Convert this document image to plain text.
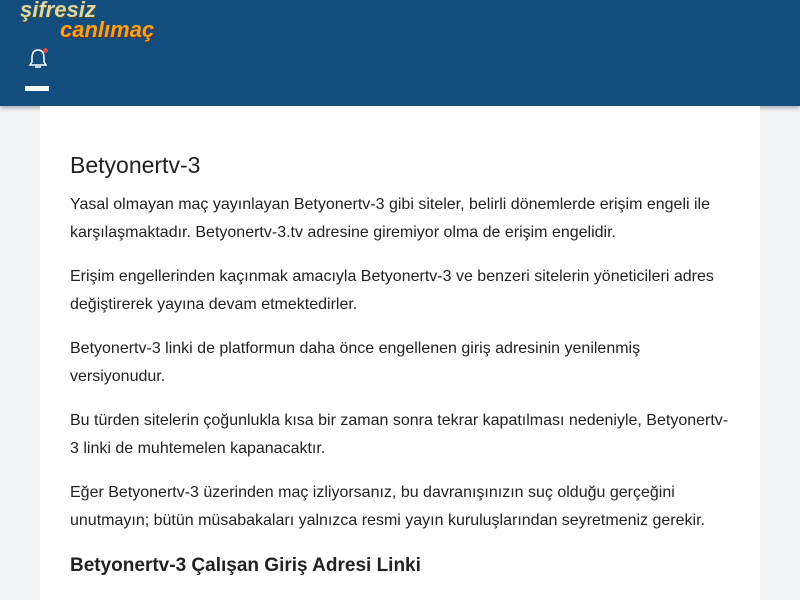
şifresiz
canlımaç
Betyonertv-3

Yasal olmayan maç yayınlayan Betyonertv-3 gibi siteler, belirli dönemlerde erişim engeli ile karşılaşmaktadır. Betyonertv-3.tv adresine giremiyor olma de erişim engelidir.

Erişim engellerinden kaçınmak amacıyla Betyonertv-3 ve benzeri sitelerin yöneticileri adres değiştirerek yayına devam etmektedirler.

Betyonertv-3 linki de platformun daha önce engellenen giriş adresinin yenilenmiş versiyonudur.

Bu türden sitelerin çoğunlukla kısa bir zaman sonra tekrar kapatılması nedeniyle, Betyonertv-3 linki de muhtemelen kapanacaktır.

Eğer Betyonertv-3 üzerinden maç izliyorsanız, bu davranışınızın suç olduğu gerçeğini unutmayın; bütün müsabakaları yalnızca resmi yayın kuruluşlarından seyretmeniz gerekir.

Betyonertv-3 Çalışan Giriş Adresi Linki
